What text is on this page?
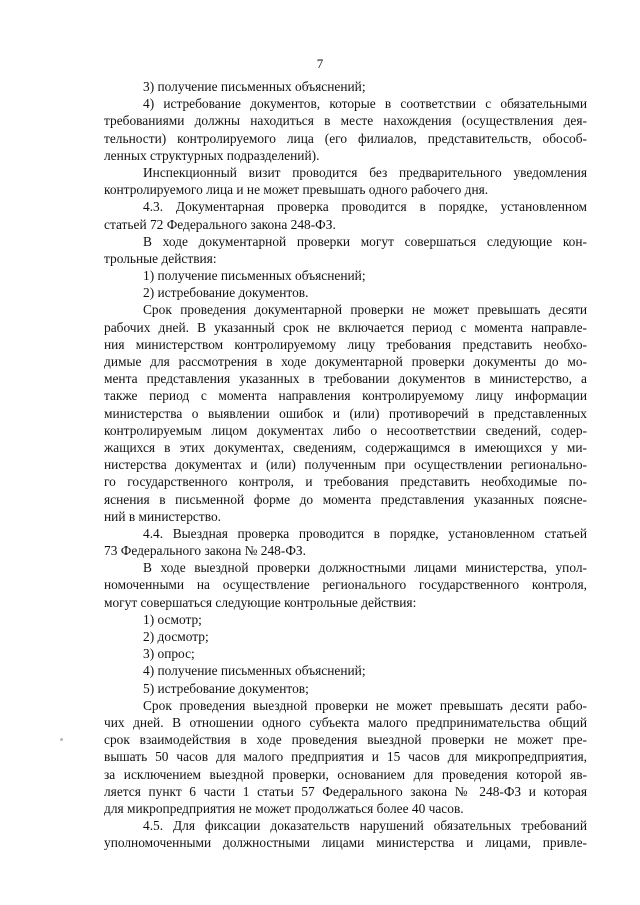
7
3) получение письменных объяснений;
4) истребование документов, которые в соответствии с обязательными
требованиями должны находиться в месте нахождения (осуществления дея-
тельности) контролируемого лица (его филиалов, представительств, обособ-
ленных структурных подразделений).
Инспекционный визит проводится без предварительного уведомления
контролируемого лица и не может превышать одного рабочего дня.
4.3. Документарная проверка проводится в порядке, установленном
статьей 72 Федерального закона 248-ФЗ.
В ходе документарной проверки могут совершаться следующие кон-
трольные действия:
1) получение письменных объяснений;
2) истребование документов.
Срок проведения документарной проверки не может превышать десяти
рабочих дней. В указанный срок не включается период с момента направле-
ния министерством контролируемому лицу требования представить необхо-
димые для рассмотрения в ходе документарной проверки документы до мо-
мента представления указанных в требовании документов в министерство, а
также период с момента направления контролируемому лицу информации
министерства о выявлении ошибок и (или) противоречий в представленных
контролируемым лицом документах либо о несоответствии сведений, содер-
жащихся в этих документах, сведениям, содержащимся в имеющихся у ми-
нистерства документах и (или) полученным при осуществлении регионально-
го государственного контроля, и требования представить необходимые по-
яснения в письменной форме до момента представления указанных поясне-
ний в министерство.
4.4. Выездная проверка проводится в порядке, установленном статьей
73 Федерального закона № 248-ФЗ.
В ходе выездной проверки должностными лицами министерства, упол-
номоченными на осуществление регионального государственного контроля,
могут совершаться следующие контрольные действия:
1) осмотр;
2) досмотр;
3) опрос;
4) получение письменных объяснений;
5) истребование документов;
Срок проведения выездной проверки не может превышать десяти рабо-
чих дней. В отношении одного субъекта малого предпринимательства общий
срок взаимодействия в ходе проведения выездной проверки не может пре-
вышать 50 часов для малого предприятия и 15 часов для микропредприятия,
за исключением выездной проверки, основанием для проведения которой яв-
ляется пункт 6 части 1 статьи 57 Федерального закона № 248-ФЗ и которая
для микропредприятия не может продолжаться более 40 часов.
4.5. Для фиксации доказательств нарушений обязательных требований
уполномоченными должностными лицами министерства и лицами, привле-
